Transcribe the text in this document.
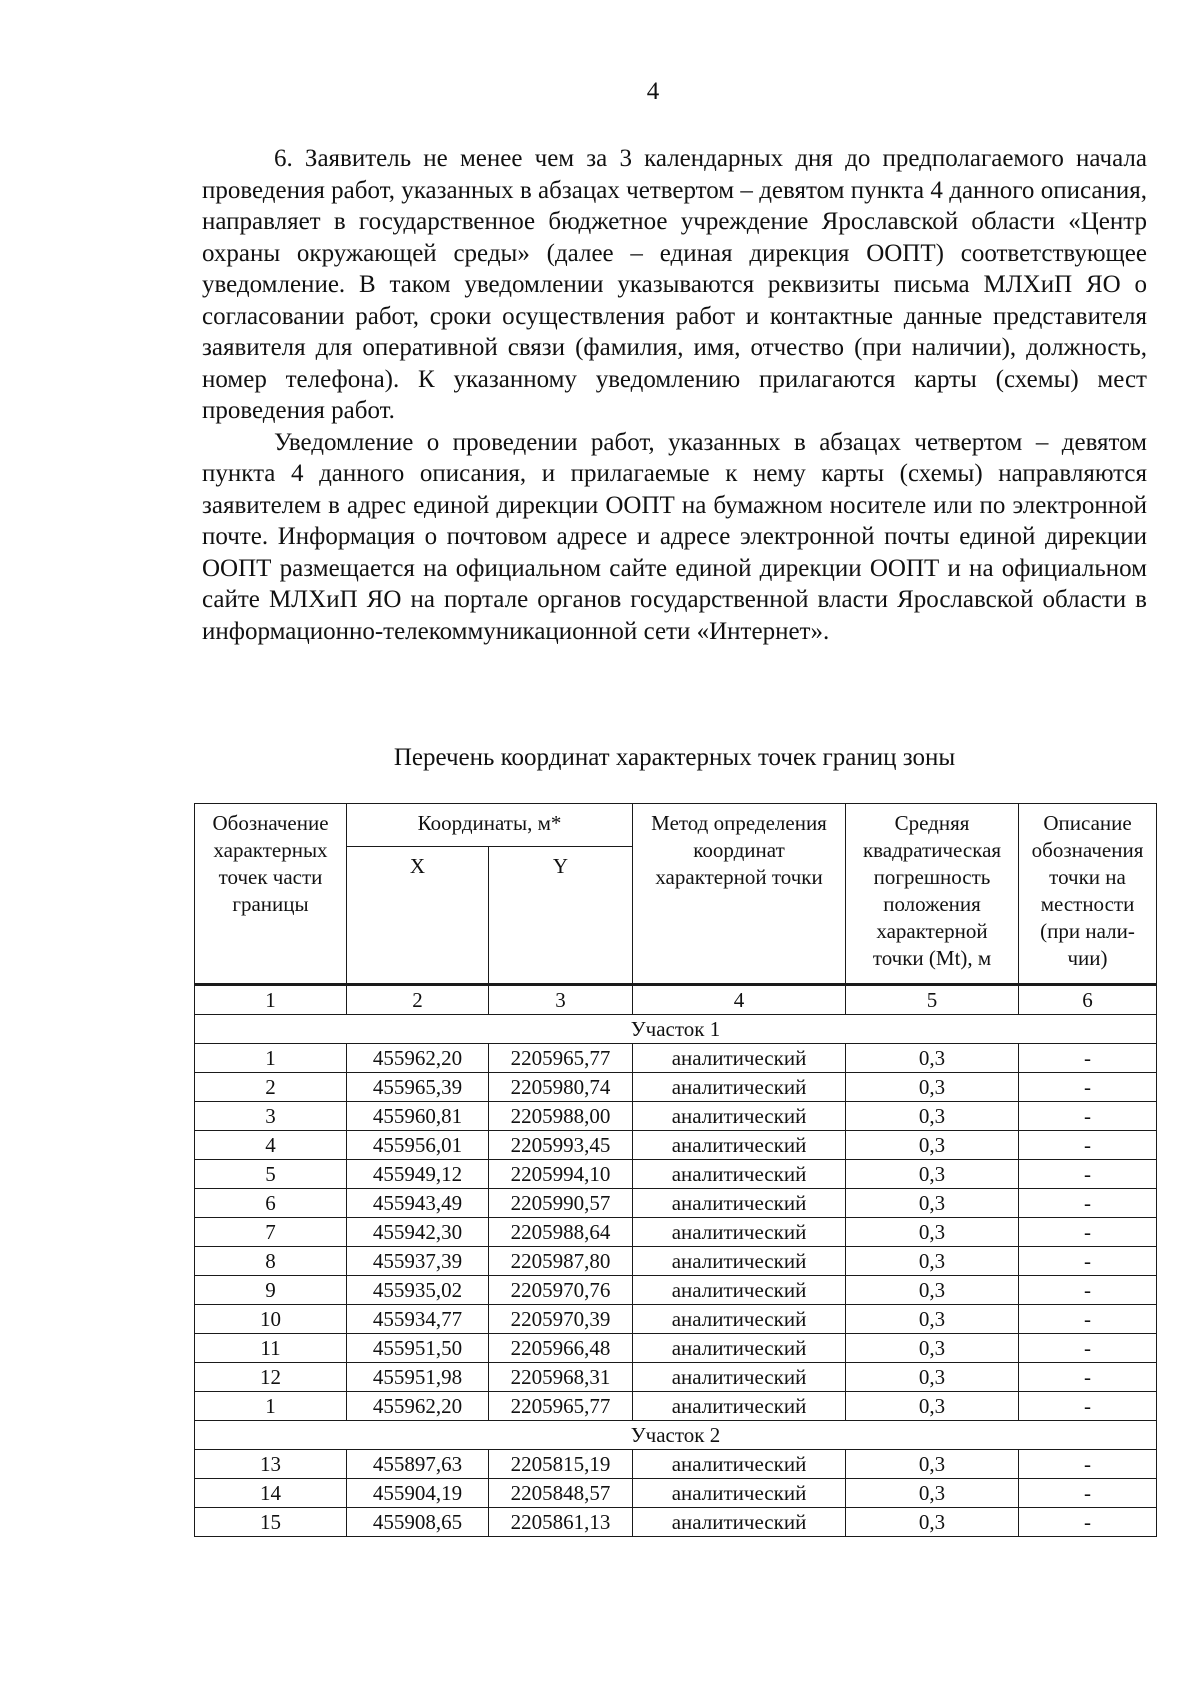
4

6. Заявитель не менее чем за 3 календарных дня до предполагаемого начала проведения работ, указанных в абзацах четвертом – девятом пункта 4 данного описания, направляет в государственное бюджетное учреждение Ярославской области «Центр охраны окружающей среды» (далее – единая дирекция ООПТ) соответствующее уведомление. В таком уведомлении указываются реквизиты письма МЛХиП ЯО о согласовании работ, сроки осуществления работ и контактные данные представителя заявителя для оперативной связи (фамилия, имя, отчество (при наличии), должность, номер телефона). К указанному уведомлению прилагаются карты (схемы) мест проведения работ.

Уведомление о проведении работ, указанных в абзацах четвертом – девятом пункта 4 данного описания, и прилагаемые к нему карты (схемы) направляются заявителем в адрес единой дирекции ООПТ на бумажном носителе или по электронной почте. Информация о почтовом адресе и адресе электронной почты единой дирекции ООПТ размещается на официальном сайте единой дирекции ООПТ и на официальном сайте МЛХиП ЯО на портале органов государственной власти Ярославской области в информационно-телекоммуникационной сети «Интернет».

Перечень координат характерных точек границ зоны
Обозначение характерных точек части границы	Координаты, м*		Метод определения координат характерной точки	Средняя квадратическая погрешность положения характерной точки (Mt), м	Описание обозначения точки на местности (при нали-чии)
	X	Y			
1	2	3	4	5	6
Участок 1					
1	455962,20	2205965,77	аналитический	0,3	-
2	455965,39	2205980,74	аналитический	0,3	-
3	455960,81	2205988,00	аналитический	0,3	-
4	455956,01	2205993,45	аналитический	0,3	-
5	455949,12	2205994,10	аналитический	0,3	-
6	455943,49	2205990,57	аналитический	0,3	-
7	455942,30	2205988,64	аналитический	0,3	-
8	455937,39	2205987,80	аналитический	0,3	-
9	455935,02	2205970,76	аналитический	0,3	-
10	455934,77	2205970,39	аналитический	0,3	-
11	455951,50	2205966,48	аналитический	0,3	-
12	455951,98	2205968,31	аналитический	0,3	-
1	455962,20	2205965,77	аналитический	0,3	-
Участок 2					
13	455897,63	2205815,19	аналитический	0,3	-
14	455904,19	2205848,57	аналитический	0,3	-
15	455908,65	2205861,13	аналитический	0,3	-
